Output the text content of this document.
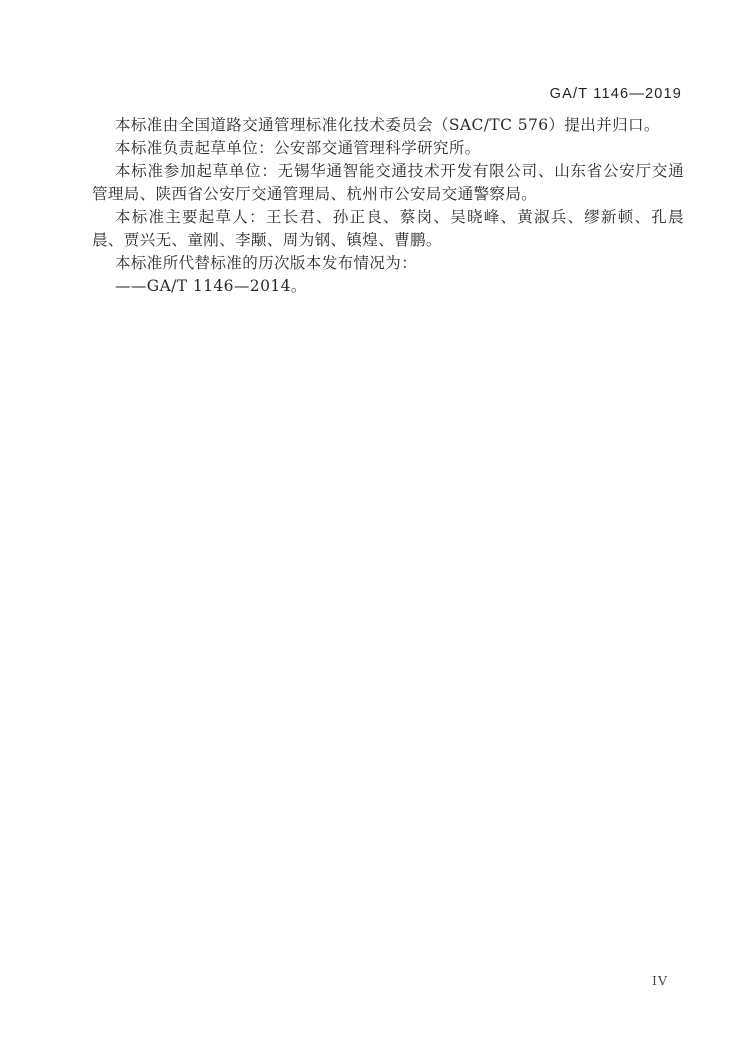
GA/T 1146—2019

本标准由全国道路交通管理标准化技术委员会（SAC/TC 576）提出并归口。

本标准负责起草单位：公安部交通管理科学研究所。

本标准参加起草单位：无锡华通智能交通技术开发有限公司、山东省公安厅交通管理局、陕西省公安厅交通管理局、杭州市公安局交通警察局。

本标准主要起草人：王长君、孙正良、蔡岗、吴晓峰、黄淑兵、缪新顿、孔晨晨、贾兴无、童刚、李颙、周为钢、镇煌、曹鹏。

本标准所代替标准的历次版本发布情况为：

——GA/T 1146—2014。

IV
